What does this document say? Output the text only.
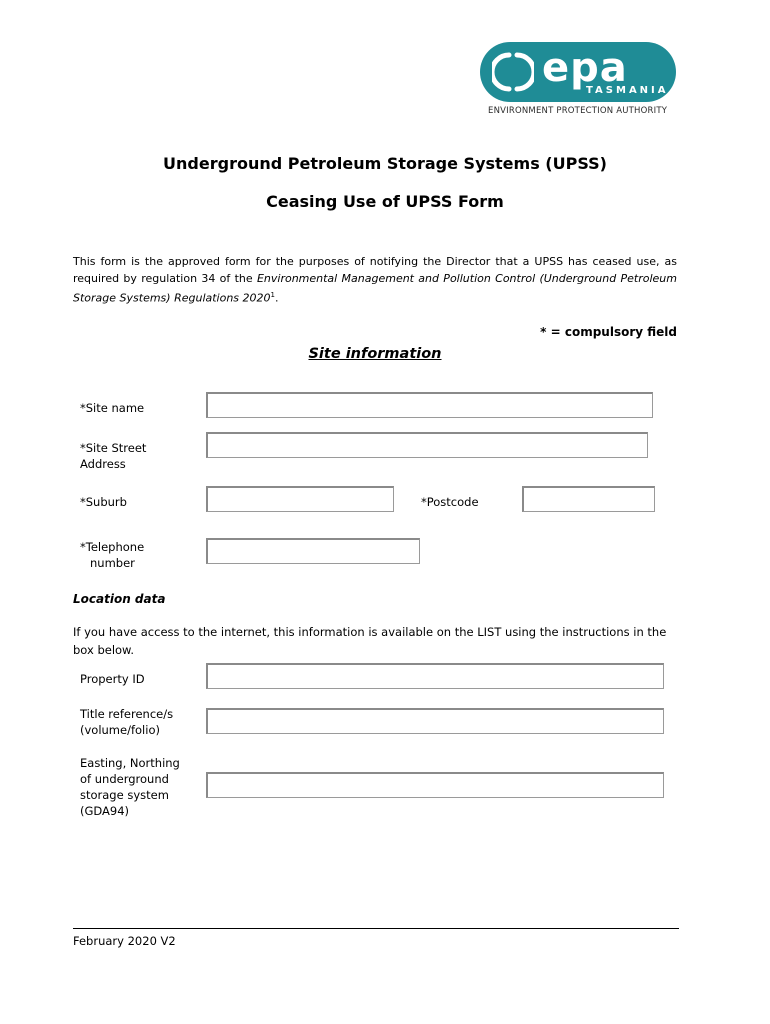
epa
TASMANIA
ENVIRONMENT PROTECTION AUTHORITY
Underground Petroleum Storage Systems (UPSS)
Ceasing Use of UPSS Form
This form is the approved form for the purposes of notifying the Director that a UPSS has ceased use, as required by regulation 34 of the Environmental Management and Pollution Control (Underground Petroleum Storage Systems) Regulations 2020$^1$.
* = compulsory field
Site information
*Site name
*Site Street
Address
*Suburb	*Postcode
*Telephone
number
Location data
If you have access to the internet, this information is available on the LIST using the instructions in the box below.
Property ID
Title reference/s
(volume/folio)
Easting, Northing
of underground
storage system
(GDA94)
February 2020 V2
